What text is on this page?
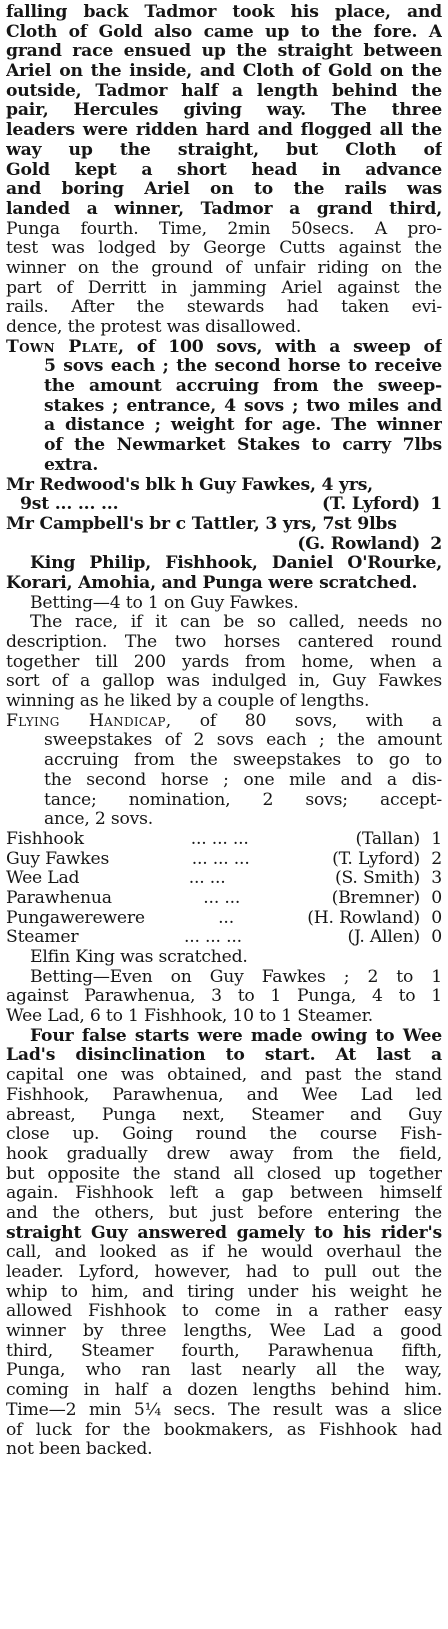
falling back Tadmor took his place, and
Cloth of Gold also came up to the fore. A
grand race ensued up the straight between
Ariel on the inside, and Cloth of Gold on the
outside, Tadmor half a length behind the
pair, Hercules giving way. The three
leaders were ridden hard and flogged all the
way up the straight, but Cloth of
Gold kept a short head in advance
and boring Ariel on to the rails was
landed a winner, Tadmor a grand third,
Punga fourth. Time, 2min 50secs. A pro-
test was lodged by George Cutts against the
winner on the ground of unfair riding on the
part of Derritt in jamming Ariel against the
rails. After the stewards had taken evi-
dence, the protest was disallowed.
Town Plate, of 100 sovs, with a sweep of
5 sovs each ; the second horse to receive
the amount accruing from the sweep-
stakes ; entrance, 4 sovs ; two miles and
a distance ; weight for age. The winner
of the Newmarket Stakes to carry 7lbs
extra.
Mr Redwood's blk h Guy Fawkes, 4 yrs,
9st ... ... ...	(T. Lyford) 1
Mr Campbell's br c Tattler, 3 yrs, 7st 9lbs
(G. Rowland) 2
King Philip, Fishhook, Daniel O'Rourke,
Korari, Amohia, and Punga were scratched.
Betting—4 to 1 on Guy Fawkes.
The race, if it can be so called, needs no
description. The two horses cantered round
together till 200 yards from home, when a
sort of a gallop was indulged in, Guy Fawkes
winning as he liked by a couple of lengths.
Flying Handicap, of 80 sovs, with a
sweepstakes of 2 sovs each ; the amount
accruing from the sweepstakes to go to
the second horse ; one mile and a dis-
tance; nomination, 2 sovs; accept-
ance, 2 sovs.
Fishhook	... ... ...	(Tallan) 1
Guy Fawkes	... ... ...	(T. Lyford) 2
Wee Lad	... ...	(S. Smith) 3
Parawhenua	... ...	(Bremner) 0
Pungawerewere	...	(H. Rowland) 0
Steamer	... ... ...	(J. Allen) 0
Elfin King was scratched.
Betting—Even on Guy Fawkes ; 2 to 1
against Parawhenua, 3 to 1 Punga, 4 to 1
Wee Lad, 6 to 1 Fishhook, 10 to 1 Steamer.
Four false starts were made owing to Wee
Lad's disinclination to start. At last a
capital one was obtained, and past the stand
Fishhook, Parawhenua, and Wee Lad led
abreast, Punga next, Steamer and Guy
close up. Going round the course Fish-
hook gradually drew away from the field,
but opposite the stand all closed up together
again. Fishhook left a gap between himself
and the others, but just before entering the
straight Guy answered gamely to his rider's
call, and looked as if he would overhaul the
leader. Lyford, however, had to pull out the
whip to him, and tiring under his weight he
allowed Fishhook to come in a rather easy
winner by three lengths, Wee Lad a good
third, Steamer fourth, Parawhenua fifth,
Punga, who ran last nearly all the way,
coming in half a dozen lengths behind him.
Time—2 min 5¼ secs. The result was a slice
of luck for the bookmakers, as Fishhook had
not been backed.
